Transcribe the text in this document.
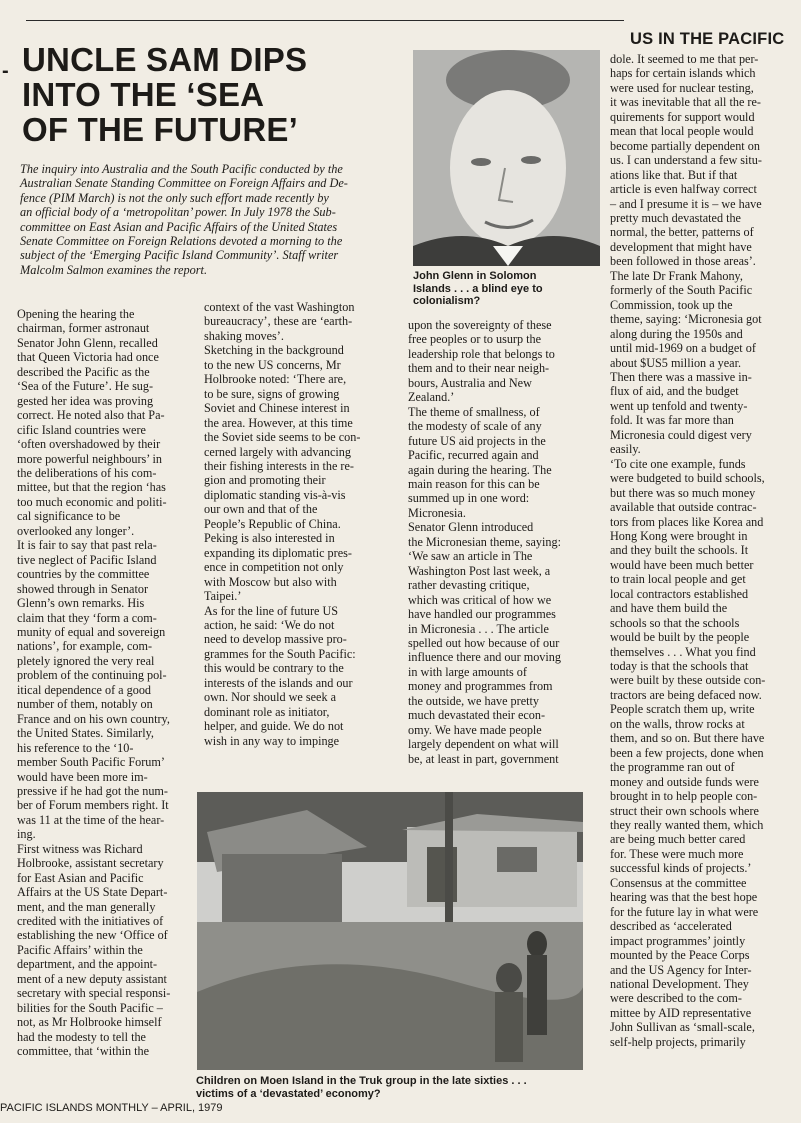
US IN THE PACIFIC
- UNCLE SAM DIPS
INTO THE ‘SEA
OF THE FUTURE’
The inquiry into Australia and the South Pacific conducted by the
Australian Senate Standing Committee on Foreign Affairs and De-
fence (PIM March) is not the only such effort made recently by
an official body of a ‘metropolitan’ power. In July 1978 the Sub-
committee on East Asian and Pacific Affairs of the United States
Senate Committee on Foreign Relations devoted a morning to the
subject of the ‘Emerging Pacific Island Community’. Staff writer
Malcolm Salmon examines the report.
Opening the hearing the
chairman, former astronaut
Senator John Glenn, recalled
that Queen Victoria had once
described the Pacific as the
‘Sea of the Future’. He sug-
gested her idea was proving
correct. He noted also that Pa-
cific Island countries were
‘often overshadowed by their
more powerful neighbours’ in
the deliberations of his com-
mittee, but that the region ‘has
too much economic and politi-
cal significance to be
overlooked any longer’.
It is fair to say that past rela-
tive neglect of Pacific Island
countries by the committee
showed through in Senator
Glenn’s own remarks. His
claim that they ‘form a com-
munity of equal and sovereign
nations’, for example, com-
pletely ignored the very real
problem of the continuing pol-
itical dependence of a good
number of them, notably on
France and on his own country,
the United States. Similarly,
his reference to the ‘10-
member South Pacific Forum’
would have been more im-
pressive if he had got the num-
ber of Forum members right. It
was 11 at the time of the hear-
ing.
First witness was Richard
Holbrooke, assistant secretary
for East Asian and Pacific
Affairs at the US State Depart-
ment, and the man generally
credited with the initiatives of
establishing the new ‘Office of
Pacific Affairs’ within the
department, and the appoint-
ment of a new deputy assistant
secretary with special responsi-
bilities for the South Pacific –
not, as Mr Holbrooke himself
had the modesty to tell the
committee, that ‘within the
context of the vast Washington
bureaucracy’, these are ‘earth-
shaking moves’.
Sketching in the background
to the new US concerns, Mr
Holbrooke noted: ‘There are,
to be sure, signs of growing
Soviet and Chinese interest in
the area. However, at this time
the Soviet side seems to be con-
cerned largely with advancing
their fishing interests in the re-
gion and promoting their
diplomatic standing vis-à-vis
our own and that of the
People’s Republic of China.
Peking is also interested in
expanding its diplomatic pres-
ence in competition not only
with Moscow but also with
Taipei.’
As for the line of future US
action, he said: ‘We do not
need to develop massive pro-
grammes for the South Pacific:
this would be contrary to the
interests of the islands and our
own. Nor should we seek a
dominant role as initiator,
helper, and guide. We do not
wish in any way to impinge
upon the sovereignty of these
free peoples or to usurp the
leadership role that belongs to
them and to their near neigh-
bours, Australia and New
Zealand.’
The theme of smallness, of
the modesty of scale of any
future US aid projects in the
Pacific, recurred again and
again during the hearing. The
main reason for this can be
summed up in one word:
Micronesia.
Senator Glenn introduced
the Micronesian theme, saying:
‘We saw an article in The
Washington Post last week, a
rather devasting critique,
which was critical of how we
have handled our programmes
in Micronesia . . . The article
spelled out how because of our
influence there and our moving
in with large amounts of
money and programmes from
the outside, we have pretty
much devastated their econ-
omy. We have made people
largely dependent on what will
be, at least in part, government
dole. It seemed to me that per-
haps for certain islands which
were used for nuclear testing,
it was inevitable that all the re-
quirements for support would
mean that local people would
become partially dependent on
us. I can understand a few situ-
ations like that. But if that
article is even halfway correct
– and I presume it is – we have
pretty much devastated the
normal, the better, patterns of
development that might have
been followed in those areas’.
The late Dr Frank Mahony,
formerly of the South Pacific
Commission, took up the
theme, saying: ‘Micronesia got
along during the 1950s and
until mid-1969 on a budget of
about $US5 million a year.
Then there was a massive in-
flux of aid, and the budget
went up tenfold and twenty-
fold. It was far more than
Micronesia could digest very
easily.
‘To cite one example, funds
were budgeted to build schools,
but there was so much money
available that outside contrac-
tors from places like Korea and
Hong Kong were brought in
and they built the schools. It
would have been much better
to train local people and get
local contractors established
and have them build the
schools so that the schools
would be built by the people
themselves . . . What you find
today is that the schools that
were built by these outside con-
tractors are being defaced now.
People scratch them up, write
on the walls, throw rocks at
them, and so on. But there have
been a few projects, done when
the programme ran out of
money and outside funds were
brought in to help people con-
struct their own schools where
they really wanted them, which
are being much better cared
for. These were much more
successful kinds of projects.’
Consensus at the committee
hearing was that the best hope
for the future lay in what were
described as ‘accelerated
impact programmes’ jointly
mounted by the Peace Corps
and the US Agency for Inter-
national Development. They
were described to the com-
mittee by AID representative
John Sullivan as ‘small-scale,
self-help projects, primarily
John Glenn in Solomon
Islands . . . a blind eye to
colonialism?
Children on Moen Island in the Truk group in the late sixties . . .
victims of a ‘devastated’ economy?
PACIFIC ISLANDS MONTHLY – APRIL, 1979
